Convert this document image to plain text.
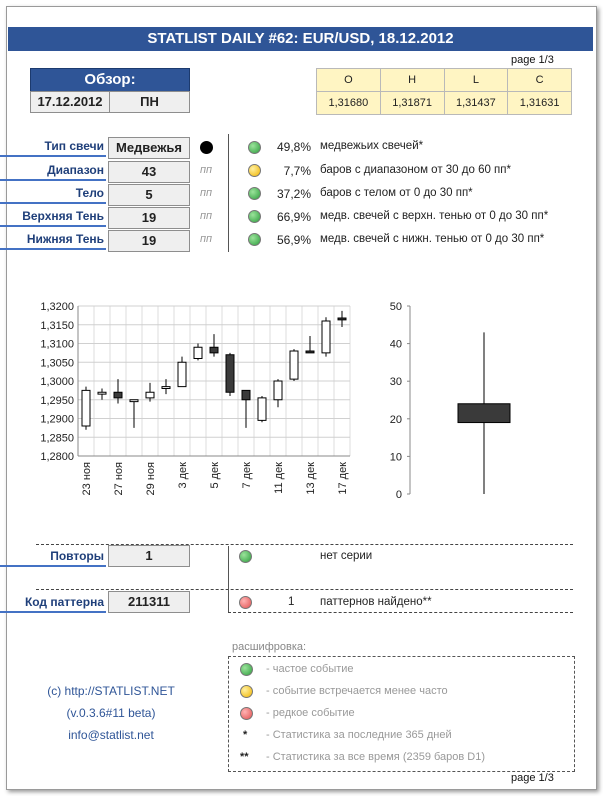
STATLIST DAILY #62: EUR/USD, 18.12.2012
page 1/3
Обзор:
17.12.2012	ПН
O	H	L	C
1,31680	1,31871	1,31437	1,31631
Тип свечи Медвежья
Диапазон	43	пп
Тело	5	пп
Верхняя Тень	19	пп
Нижняя Тень	19	пп
49,8% медвежьих свечей*
7,7% баров с диапазоном от 30 до 60 пп*
37,2% баров с телом от 0 до 30 пп*
66,9% медв. свечей с верхн. тенью от 0 до 30 пп*
56,9% медв. свечей с нижн. тенью от 0 до 30 пп*
1,3200
1,3150
1,3100
1,3050
1,3000
1,2950
1,2900
1,2850
1,2800
23 ноя 27 ноя 29 ноя 3 дек 5 дек 7 дек 11 дек 13 дек 17 дек
50
40
30
20
10
0
Повторы	1	нет серии
Код паттерна	211311	1 паттернов найдено**
расшифровка:
- частое событие
- событие встречается менее часто
- редкое событие
* - Статистика за последние 365 дней
** - Статистика за все время (2359 баров D1)
(c) http://STATLIST.NET
(v.0.3.6#11 beta)
info@statlist.net
page 1/3
